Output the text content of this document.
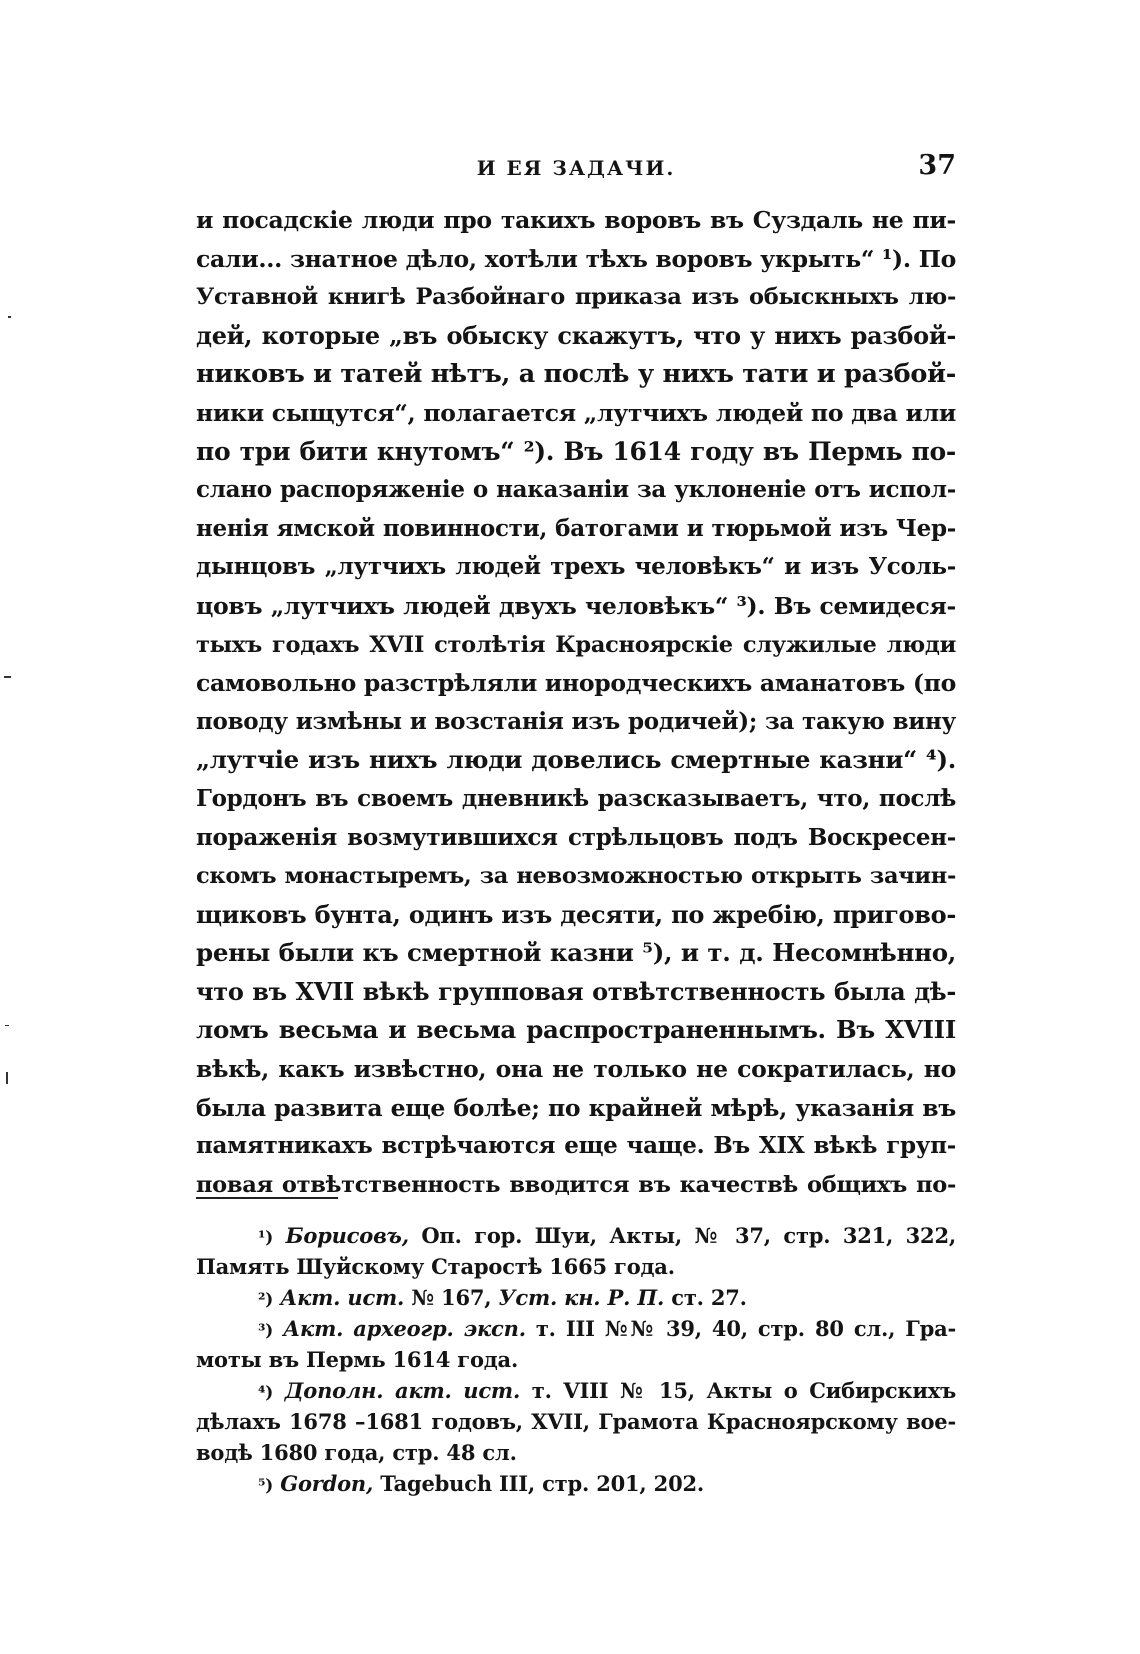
И ЕЯ ЗАДАЧИ.	37
и посадскіе люди про такихъ воровъ въ Суздаль не пи-
сали... знатное дѣло, хотѣли тѣхъ воровъ укрыть“ ¹). По
Уставной книгѣ Разбойнаго приказа изъ обыскныхъ лю-
дей, которые „въ обыску скажутъ, что у нихъ разбой-
никовъ и татей нѣтъ, а послѣ у нихъ тати и разбой-
ники сыщутся“, полагается „лутчихъ людей по два или
по три бити кнутомъ“ ²). Въ 1614 году въ Пермь по-
слано распоряженіе о наказаніи за уклоненіе отъ испол-
ненія ямской повинности, батогами и тюрьмой изъ Чер-
дынцовъ „лутчихъ людей трехъ человѣкъ“ и изъ Усоль-
цовъ „лутчихъ людей двухъ человѣкъ“ ³). Въ семидеся-
тыхъ годахъ XVII столѣтія Красноярскіе служилые люди
самовольно разстрѣляли инородческихъ аманатовъ (по
поводу измѣны и возстанія изъ родичей); за такую вину
„лутчіе изъ нихъ люди довелись смертные казни“ ⁴).
Гордонъ въ своемъ дневникѣ разсказываетъ, что, послѣ
пораженія возмутившихся стрѣльцовъ подъ Воскресен-
скомъ монастыремъ, за невозможностью открыть зачин-
щиковъ бунта, одинъ изъ десяти, по жребію, пригово-
рены были къ смертной казни ⁵), и т. д. Несомнѣнно,
что въ XVII вѣкѣ групповая отвѣтственность была дѣ-
ломъ весьма и весьма распространеннымъ. Въ XVIII
вѣкѣ, какъ извѣстно, она не только не сократилась, но
была развита еще болѣе; по крайней мѣрѣ, указанія въ
памятникахъ встрѣчаются еще чаще. Въ XIX вѣкѣ груп-
повая отвѣтственность вводится въ качествѣ общихъ по-
¹) Борисовъ, Оп. гор. Шуи, Акты, № 37, стр. 321, 322,
Память Шуйскому Старостѣ 1665 года.
²) Акт. ист. № 167, Уст. кн. Р. П. ст. 27.
³) Акт. археогр. эксп. т. III №№ 39, 40, стр. 80 сл., Гра-
моты въ Пермь 1614 года.
⁴) Дополн. акт. ист. т. VIII № 15, Акты о Сибирскихъ
дѣлахъ 1678 –1681 годовъ, XVII, Грамота Красноярскому вое-
водѣ 1680 года, стр. 48 сл.
⁵) Gordon, Tagebuch III, стр. 201, 202.
